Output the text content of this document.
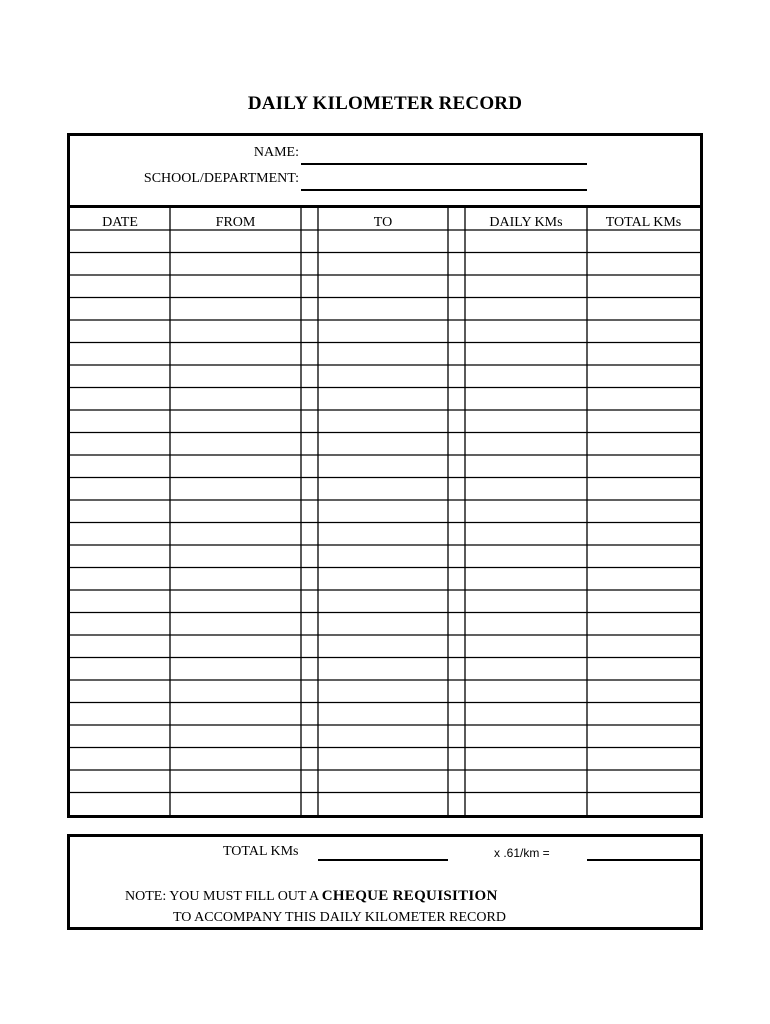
DAILY KILOMETER RECORD
NAME:
SCHOOL/DEPARTMENT:
DATE	FROM	TO	DAILY KMs	TOTAL KMs
TOTAL KMs	x .61/km =
NOTE: YOU MUST FILL OUT A CHEQUE REQUISITION
TO ACCOMPANY THIS DAILY KILOMETER RECORD
